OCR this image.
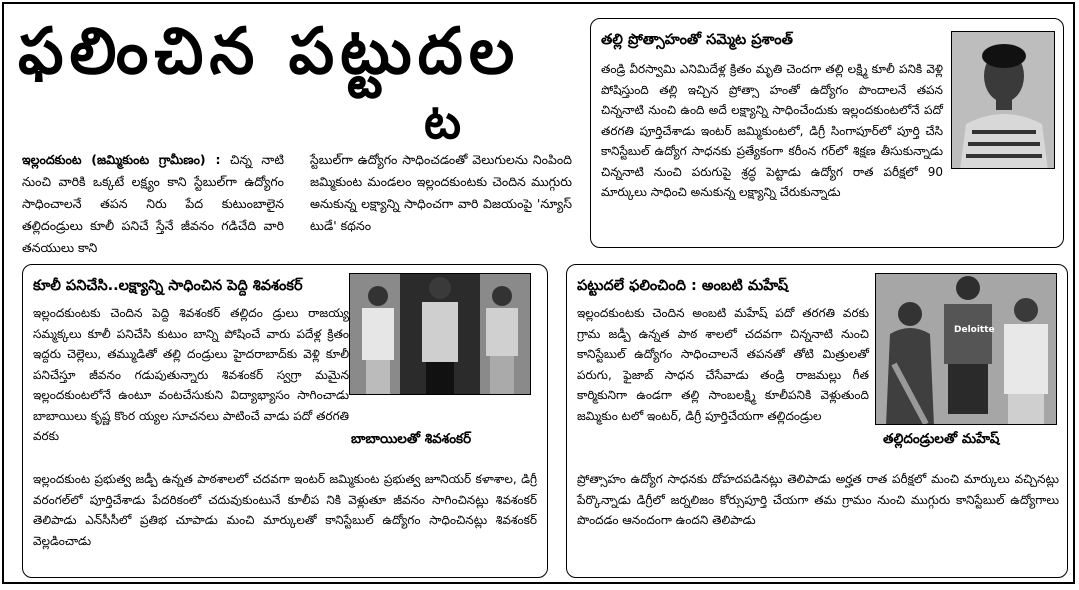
ఫలించిన పట్టుదల
ట
ఇల్లందకుంట (జమ్మికుంట గ్రామీణం) : చిన్న నాటి నుంచి వారికి ఒక్కటే లక్ష్యం కాని స్టేబుల్‌గా ఉద్యోగం సాధించాలనే తపన నిరు పేద కుటుంబాలైన తల్లిదండ్రులు కూలీ పనిచే స్తేనే జీవనం గడిచేది వారి తనయులు కాని
స్టేబుల్‌గా ఉద్యోగం సాధించడంతో వెలుగులను నింపింది జమ్మికుంట మండలం ఇల్లందకుంటకు చెందిన ముగ్గురు అనుకున్న లక్ష్యాన్ని సాధించగా వారి విజయంపై 'న్యూస్ టుడే' కథనం
తల్లి ప్రోత్సాహంతో సమ్మెట ప్రశాంత్
తండ్రి వీరస్వామి ఎనిమిదేళ్ల క్రితం మృతి చెందగా తల్లి లక్ష్మి కూలీ పనికి వెళ్లి పోషిస్తుంది తల్లి ఇచ్చిన ప్రోత్సా హంతో ఉద్యోగం పొందాలనే తపన చిన్ననాటి నుంచి ఉంది అదే లక్ష్యాన్ని సాధించేందుకు ఇల్లందకుంటలోనే పదో తరగతి పూర్తిచేశాడు ఇంటర్ జమ్మికుంటలో, డిగ్రీ సింగాపూర్‌లో పూర్తి చేసి కానిస్టేబుల్ ఉద్యోగ సాధనకు ప్రత్యేకంగా కరీంన గర్‌లో శిక్షణ తీసుకున్నాడు చిన్ననాటి నుంచి పరుగుపై శ్రద్ధ పెట్టాడు ఉద్యోగ రాత పరీక్షలో 90 మార్కులు సాధించి అనుకున్న లక్ష్యాన్ని చేరుకున్నాడు
కూలీ పనిచేసి..లక్ష్యాన్ని సాధించిన పెద్ది శివశంకర్
ఇల్లందకుంటకు చెందిన పెద్ది శివశంకర్ తల్లిదం డ్రులు రాజయ్య సమ్మక్కలు కూలీ పనిచేసి కుటుం బాన్ని పోషించే వారు పదేళ్ల క్రితం ఇద్దరు చెల్లెలు, తమ్ముడితో తల్లి దండ్రులు హైదరాబాద్‌కు వెళ్లి కూలీ పనిచేస్తూ జీవనం గడుపుతున్నారు శివశంకర్ స్వగ్రా మమైన ఇల్లందకుంటలోనే ఉంటూ వంటచేసుకుని విద్యాభ్యాసం సాగించాడు బాబాయిలు కృష్ణ కొంర య్యల సూచనలు పాటించే వాడు పదో తరగతి వరకు
ఇల్లందకుంట ప్రభుత్వ జడ్పీ ఉన్నత పాఠశాలలో చదవగా ఇంటర్ జమ్మికుంట ప్రభుత్వ జూనియర్ కళాశాల, డిగ్రీ వరంగల్‌లో పూర్తిచేశాడు పేదరికంలో చదువుకుంటునే కూలీప నికి వెళ్లుతూ జీవనం సాగించినట్లు శివశంకర్ తెలిపాడు ఎన్‌సీసీలో ప్రతిభ చూపాడు మంచి మార్కులతో కానిస్టేబుల్ ఉద్యోగం సాధించినట్లు శివశంకర్ వెల్లడించాడు
బాబాయిలతో శివశంకర్
పట్టుదలే ఫలించింది : అంబటి మహేష్
ఇల్లందకుంటకు చెందిన అంబటి మహేష్ పదో తరగతి వరకు గ్రామ జడ్పీ ఉన్నత పాఠ శాలలో చదవగా చిన్ననాటి నుంచి కానిస్టేబుల్ ఉద్యోగం సాధించాలనే తపనతో తోటి మిత్రులతో పరుగు, ఫైజాబ్ సాధన చేసేవాడు తండ్రి రాజమల్లు గీత కార్మికునిగా ఉండగా తల్లి సాంబలక్ష్మి కూలీపనికి వెళ్లుతుంది జమ్మికుం టలో ఇంటర్, డిగ్రీ పూర్తిచేయగా తల్లిదండ్రుల
ప్రోత్సాహం ఉద్యోగ సాధనకు దోహదపడినట్లు తెలిపాడు అర్హత రాత పరీక్షలో మంచి మార్కులు వచ్చినట్లు పేర్కొన్నాడు డిగ్రీలో జర్నలిజం కోర్సుపూర్తి చేయగా తమ గ్రామం నుంచి ముగ్గురు కానిస్టేబుల్ ఉద్యోగాలు పొందడం ఆనందంగా ఉందని తెలిపాడు
Deloitte
తల్లిదండ్రులతో మహేష్
